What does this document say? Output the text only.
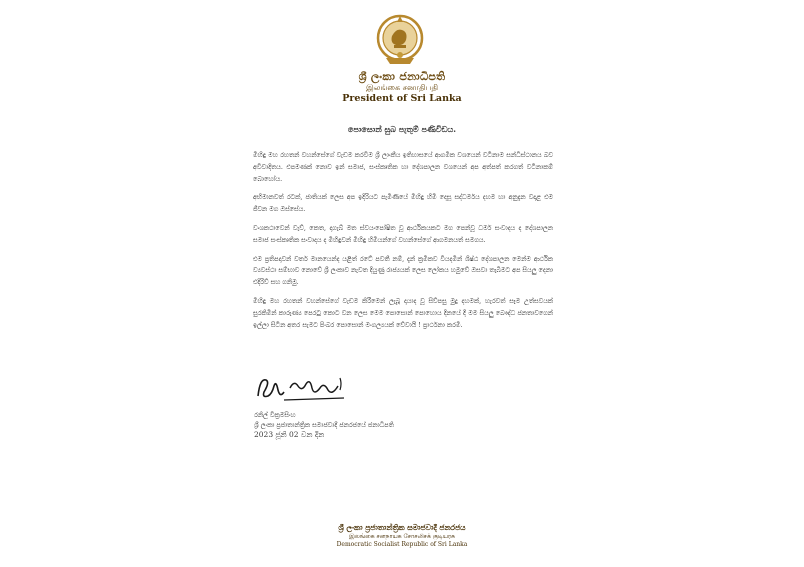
ශ්‍රී ලංකා ජනාධිපති
இலங்கை சனாதிபதி
President of Sri Lanka
පොසොන් සුබ පැතුම් පණිවිඩය.

මිහිඳු මහ රහතන් වහන්සේගේ වැඩම කරවීම ශ්‍රී ලාංකීය ඉතිහාසයේ ආගමික වශයෙන් වටිනාම සන්ධිස්ථානය බව අවිවාදිතය. එපමණක් නොව ඉන් සමාජ, සංස්කෘතික හා දේශපාලන වශයෙන් අප අත්පත් කරගත් වටිනාකම් බොහෝය.

අභිමානවත් රටක්, ජාතියක් ලෙස අප ඉදිරියට පැමිණියේ මිහිඳු හිමි දෙසූ සද්ධර්මය දහම හා අනුදැන වදාළ එම ජීවන මග ඔස්සේය.

වංශකථාවෙන් වැව්, කෙත, දාගැබ් මත ස්වයංපෝෂිත වූ ආර්ථිකයකට මග පෙන්වූ ධර්ම සංවාදය ද දේශපාලන සමාජ සංස්කෘතික සංවාදය ද මිහිඳුවන් මිහිඳු හිමියන්ගේ වහන්සේගේ ආගමනයත් සමගය.

එම ප්‍රතිපදාවන් වර්ත මානයෙන්ද යළිත් රටේ පවතී නම්, දැන් ක්‍රමිකව වියදමින් ශිෂ්ඨ දේශපාලන මෙන්ම ආර්ථික ව්‍යවස්ථා සම්භාව නොවේ ශ්‍රී ලංකාව නැවත දියුණු රාජ්‍යයක් ලෙස ලෝකය හමුවේ ඔසවා තැබීමට අප සියලු දෙනා එදිරිව් සහ ගනිමු.

මිහිඳු මහ රහතන් වහන්සේගේ වැඩම කිරීමෙන් ලැබූ දායාද වූ සිව්පසු මුදු දහමක්, හැරවත් සෑම උත්සවයක් සුරකිමින් කාරුණ්‍ය පෙරටු කොට වන ලෙස මෙම පොසොන් පොහොය දිනයේ දී මම සියලු බෞද්ධ ජනතාවගෙන් ඉල්ලා සිටින අතර සැමට පිංබර පොසොන් මංගල්‍යයක් වේවායි ! ප්‍රාර්ථනා කරමි.

රනිල් වික්‍රමසිංහ
ශ්‍රී ලංකා ප්‍රජාතාන්ත්‍රික සමාජවාදී ජනරජයේ ජනාධිපති
2023 ජූනි 02 වන දින
ශ්‍රී ලංකා ප්‍රජාතාන්ත්‍රික සමාජවාදී ජනරජය
இலங்கை சனநாயக சோசலிசக் குடியரசு
Democratic Socialist Republic of Sri Lanka
